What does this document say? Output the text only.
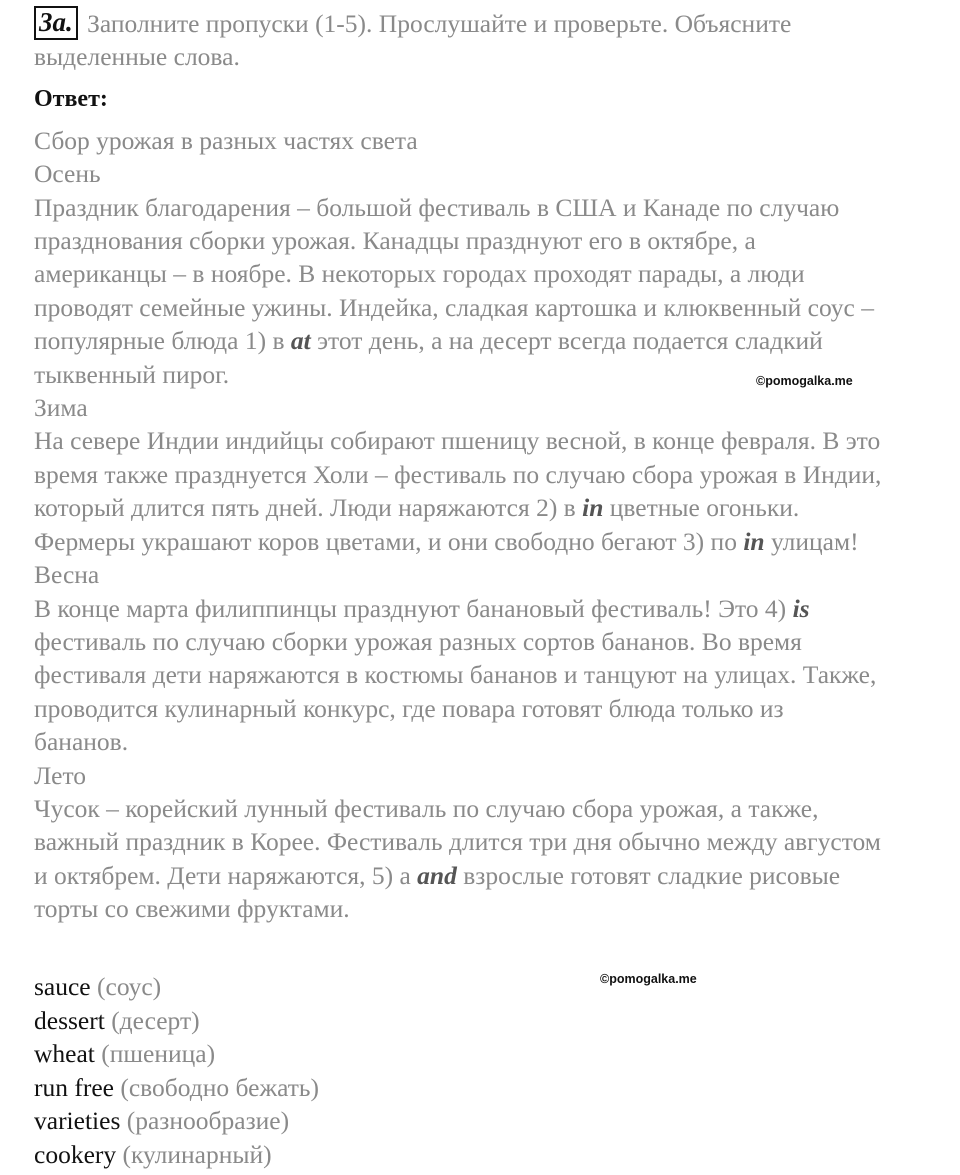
3a. Заполните пропуски (1-5). Прослушайте и проверьте. Объясните
выделенные слова.
Ответ:
Сбор урожая в разных частях света
Осень
Праздник благодарения – большой фестиваль в США и Канаде по случаю
празднования сборки урожая. Канадцы празднуют его в октябре, а
американцы – в ноябре. В некоторых городах проходят парады, а люди
проводят семейные ужины. Индейка, сладкая картошка и клюквенный соус –
популярные блюда 1) в at этот день, а на десерт всегда подается сладкий
тыквенный пирог.
Зима
На севере Индии индийцы собирают пшеницу весной, в конце февраля. В это
время также празднуется Холи – фестиваль по случаю сбора урожая в Индии,
который длится пять дней. Люди наряжаются 2) в in цветные огоньки.
Фермеры украшают коров цветами, и они свободно бегают 3) по in улицам!
Весна
В конце марта филиппинцы празднуют банановый фестиваль! Это 4) is
фестиваль по случаю сборки урожая разных сортов бананов. Во время
фестиваля дети наряжаются в костюмы бананов и танцуют на улицах. Также,
проводится кулинарный конкурс, где повара готовят блюда только из
бананов.
Лето
Чусок – корейский лунный фестиваль по случаю сбора урожая, а также,
важный праздник в Корее. Фестиваль длится три дня обычно между августом
и октябрем. Дети наряжаются, 5) а and взрослые готовят сладкие рисовые
торты со свежими фруктами.
©pomogalka.me
©pomogalka.me
sauce (соус)
dessert (десерт)
wheat (пшеница)
run free (свободно бежать)
varieties (разнообразие)
cookery (кулинарный)
